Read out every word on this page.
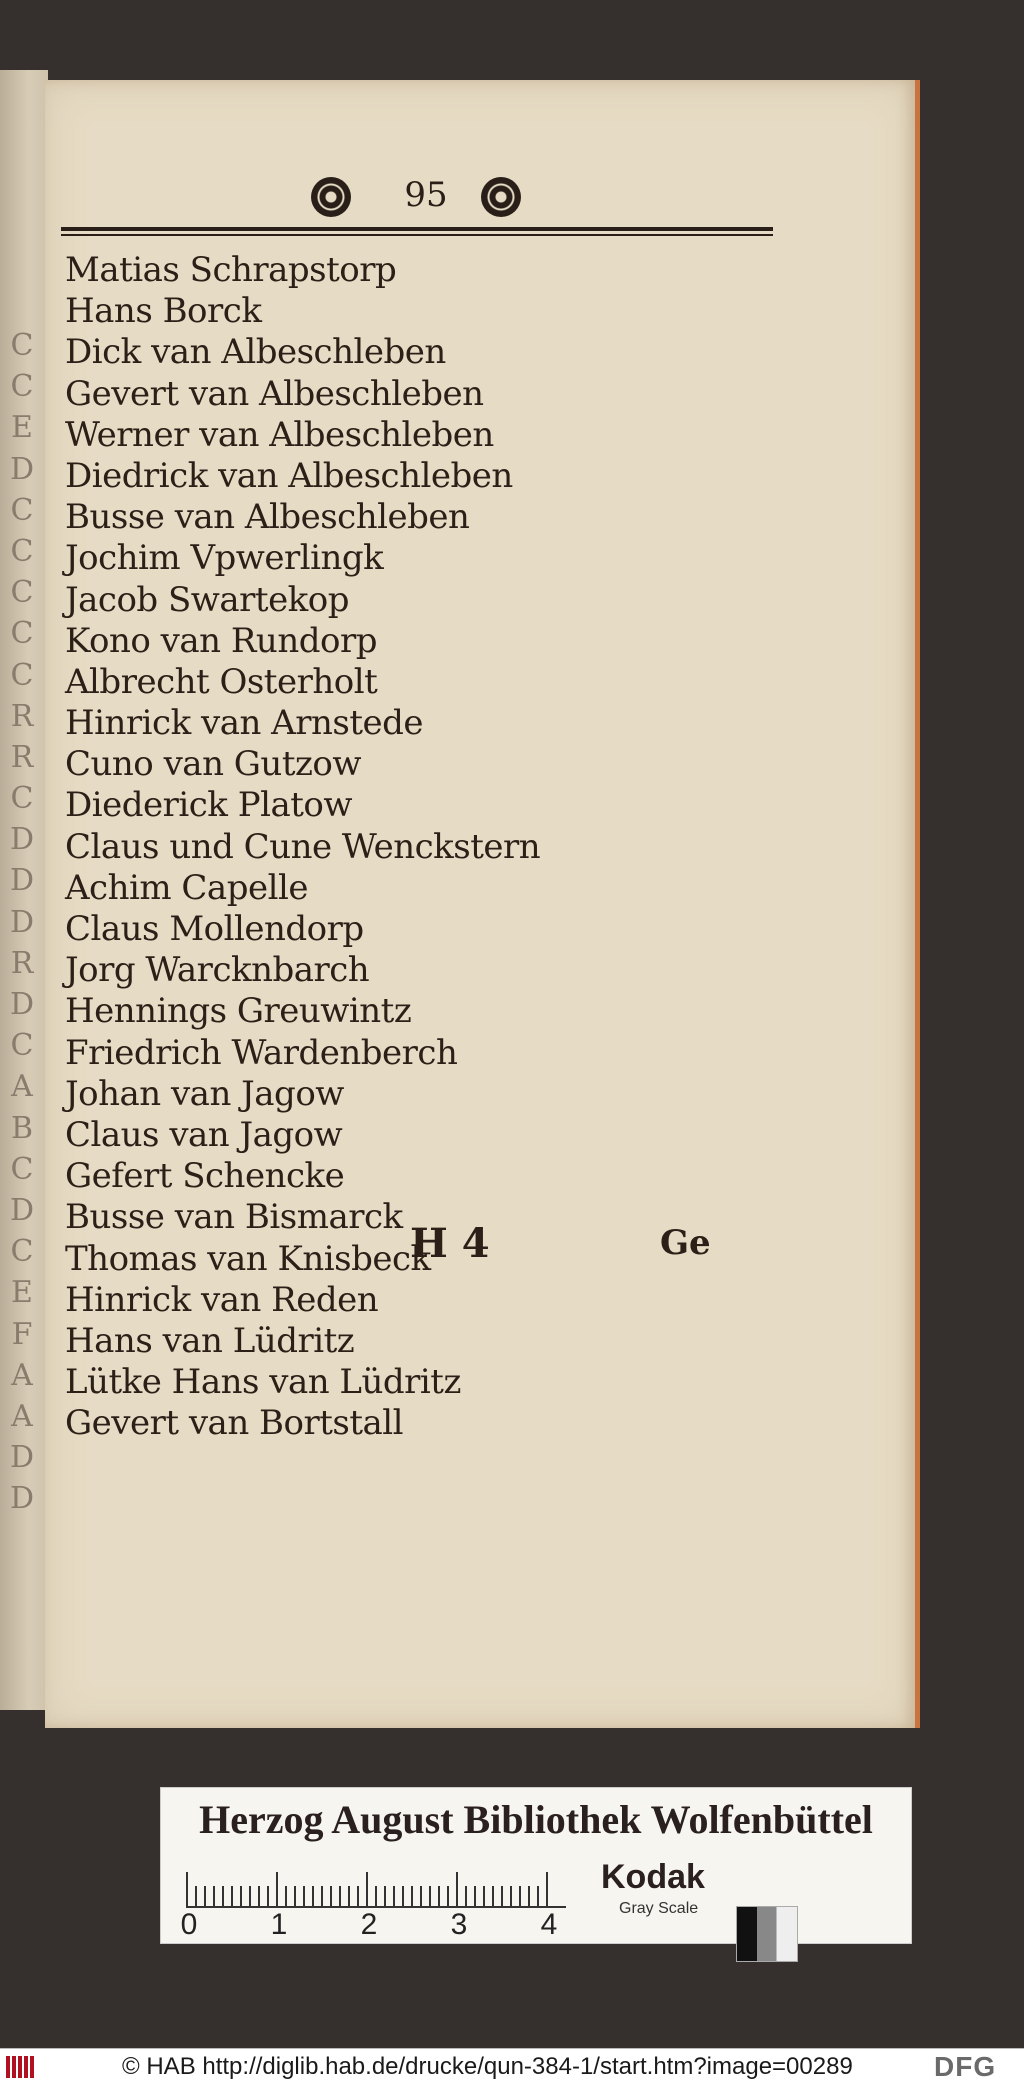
C
C
E
D
C
C
C
C
C
R
R
C
D
D
D
R
D
C
A
B
C
D
C
E
F
A
A
D
D
95
Matias Schrapstorp
Hans Borck
Dick van Albeschleben
Gevert van Albeschleben
Werner van Albeschleben
Diedrick van Albeschleben
Busse van Albeschleben
Jochim Vpwerlingk
Jacob Swartekop
Kono van Rundorp
Albrecht Osterholt
Hinrick van Arnstede
Cuno van Gutzow
Diederick Platow
Claus und Cune Wenckstern
Achim Capelle
Claus Mollendorp
Jorg Warcknbarch
Hennings Greuwintz
Friedrich Wardenberch
Johan van Jagow
Claus van Jagow
Gefert Schencke
Busse van Bismarck
Thomas van Knisbeck
Hinrick van Reden
Hans van Lüdritz
Lütke Hans van Lüdritz
Gevert van Bortstall
H 4	Ge
Herzog August Bibliothek Wolfenbüttel
0 1 2 3 4
Kodak
Gray Scale
© HAB http://diglib.hab.de/drucke/qun-384-1/start.htm?image=00289	DFG
